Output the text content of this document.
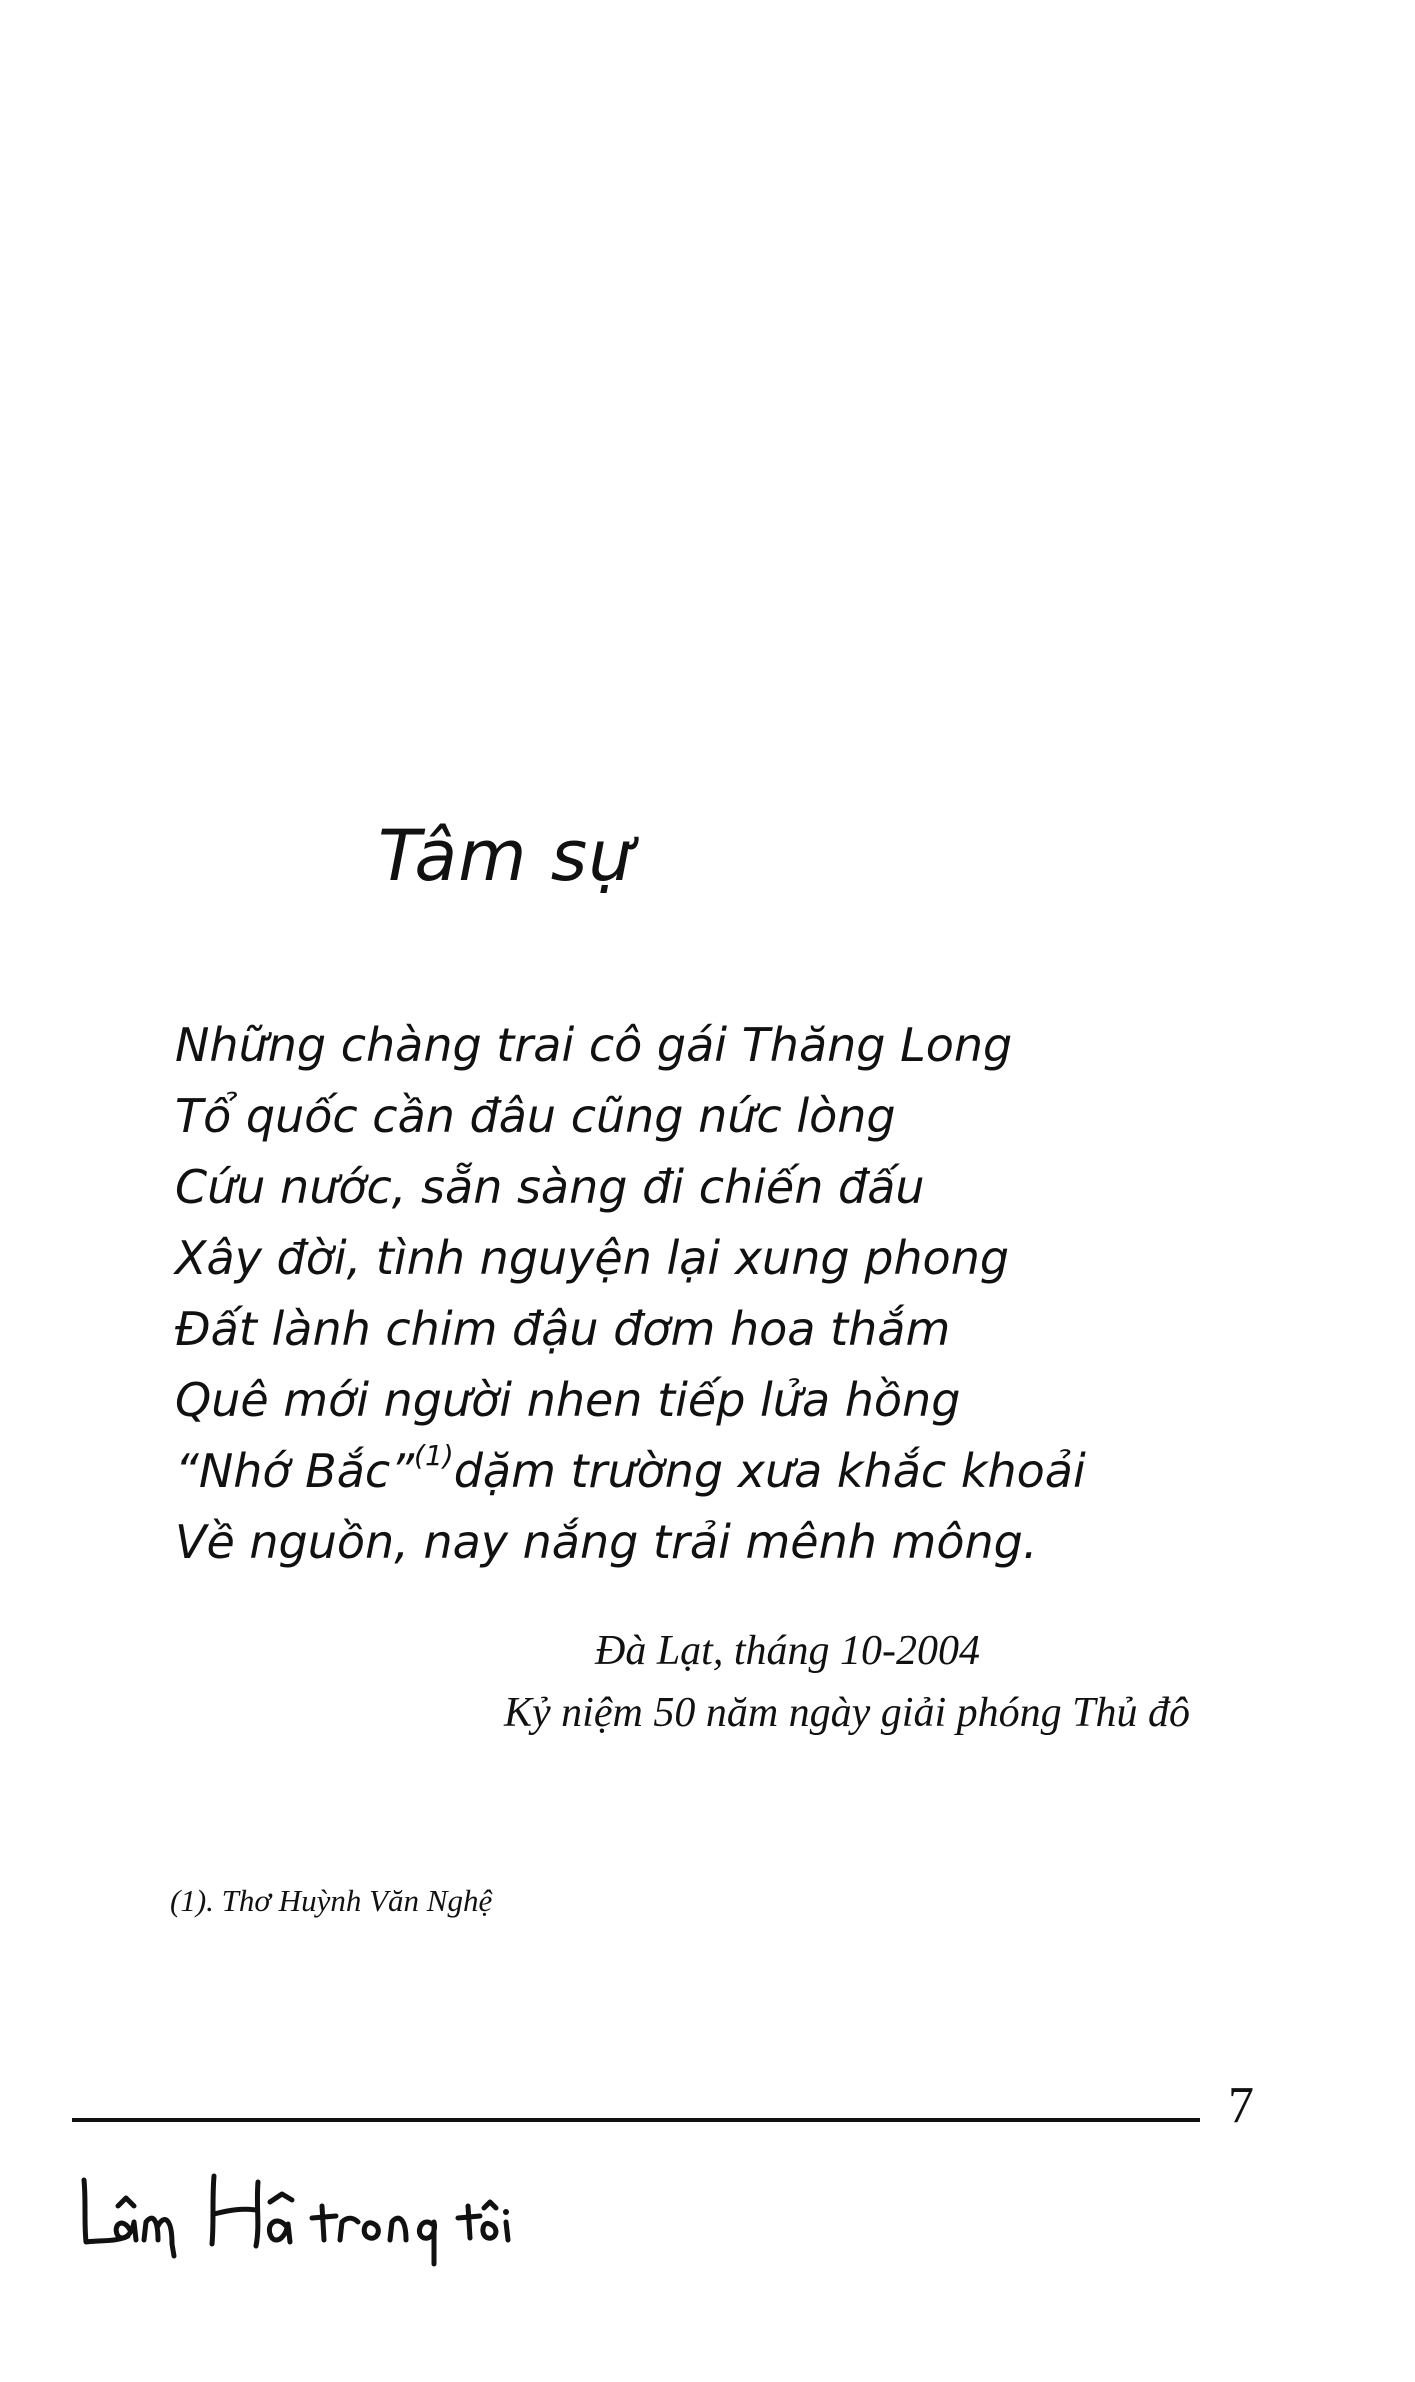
Tâm sự
Những chàng trai cô gái Thăng Long
Tổ quốc cần đâu cũng nức lòng
Cứu nước, sẵn sàng đi chiến đấu
Xây đời, tình nguyện lại xung phong
Đất lành chim đậu đơm hoa thắm
Quê mới người nhen tiếp lửa hồng
“Nhớ Bắc”$^{(1)}$dặm trường xưa khắc khoải
Về nguồn, nay nắng trải mênh mông.
Đà Lạt, tháng 10-2004
Kỷ niệm 50 năm ngày giải phóng Thủ đô
(1). Thơ Huỳnh Văn Nghệ
7
